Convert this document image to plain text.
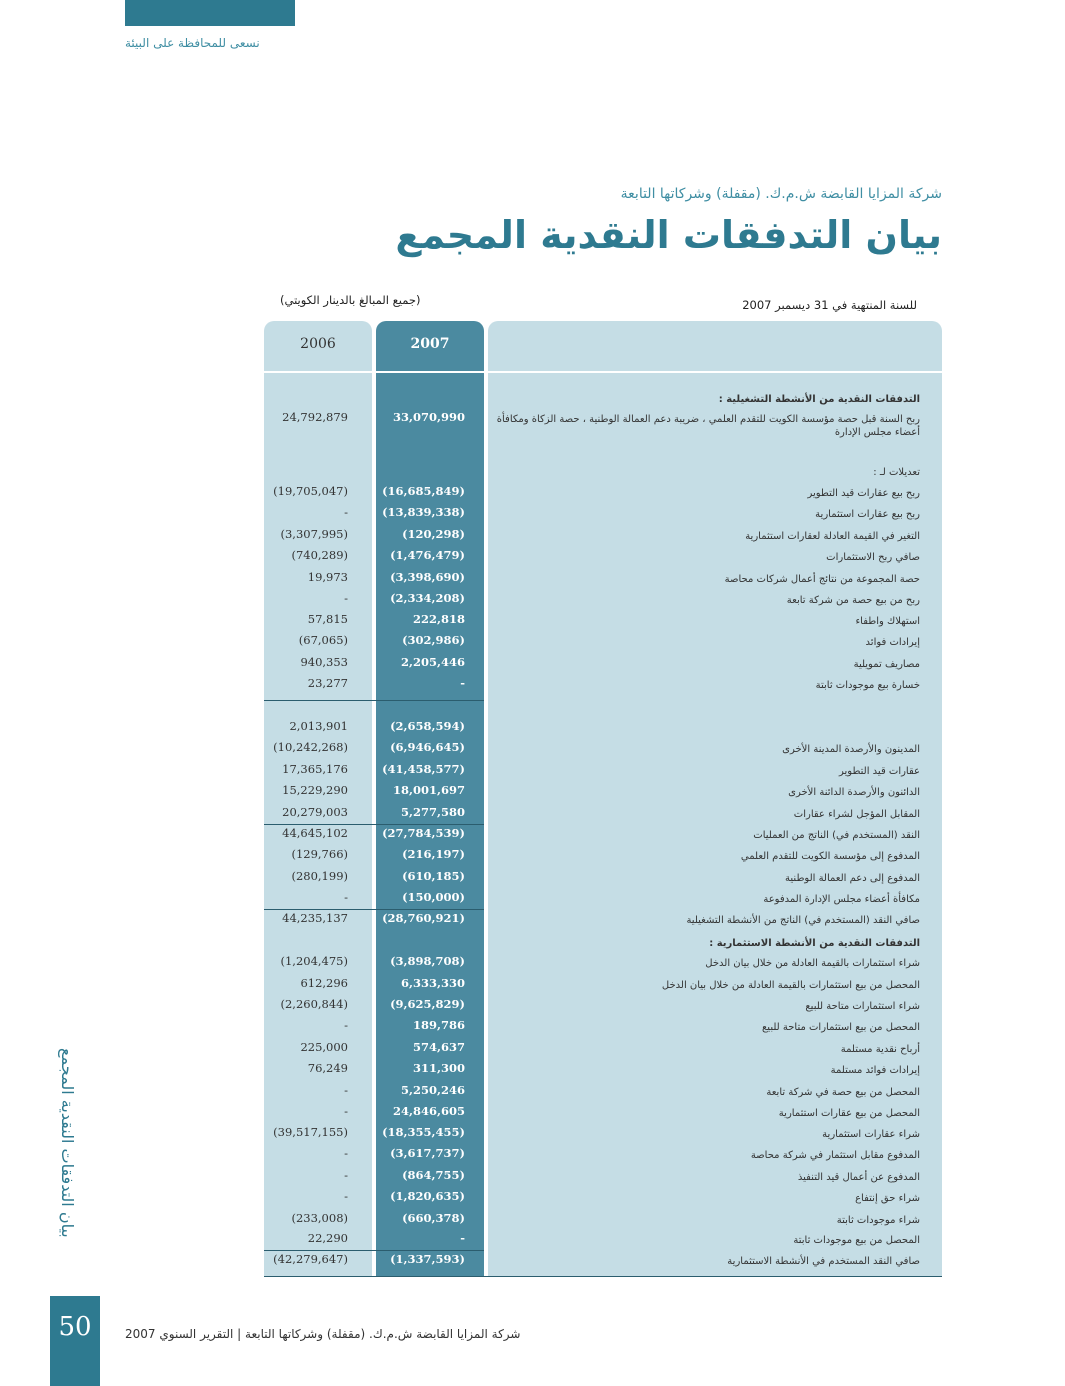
نسعى للمحافظة على البيئة
شركة المزايا القابضة ش.م.ك. (مقفلة) وشركاتها التابعة
بيان التدفقات النقدية المجمع
(جميع المبالغ بالدينار الكويتي)	للسنة المنتهية في 31 ديسمبر 2007
2007
2006
التدفقات النقدية من الأنشطة التشغيلية :
ربح السنة قبل حصة مؤسسة الكويت للتقدم العلمي ، ضريبة دعم العمالة الوطنية ، حصة الزكاة ومكافأة أعضاء مجلس الإدارة
33,070,990
24,792,879
تعديلات لـ :
ربح بيع عقارات قيد التطوير
(16,685,849)
(19,705,047)
ربح بيع عقارات استثمارية
(13,839,338)
-
التغير في القيمة العادلة لعقارات استثمارية
(120,298)
(3,307,995)
صافي ربح الاستثمارات
(1,476,479)
(740,289)
حصة المجموعة من نتائج أعمال شركات محاصة
(3,398,690)
19,973
ربح من بيع حصة من شركة تابعة
(2,334,208)
-
استهلاك واطفاء
222,818
57,815
إيرادات فوائد
(302,986)
(67,065)
مصاريف تمويلية
2,205,446
940,353
خسارة بيع موجودات ثابتة
-
23,277
(2,658,594)
2,013,901
المدينون والأرصدة المدينة الأخرى
(6,946,645)
(10,242,268)
عقارات قيد التطوير
(41,458,577)
17,365,176
الدائنون والأرصدة الدائنة الأخرى
18,001,697
15,229,290
المقابل المؤجل لشراء عقارات
5,277,580
20,279,003
النقد (المستخدم في) الناتج من العمليات
(27,784,539)
44,645,102
المدفوع إلى مؤسسة الكويت للتقدم العلمي
(216,197)
(129,766)
المدفوع إلى دعم العمالة الوطنية
(610,185)
(280,199)
مكافأة أعضاء مجلس الإدارة المدفوعة
(150,000)
-
صافي النقد (المستخدم في) الناتج من الأنشطة التشغيلية
(28,760,921)
44,235,137
التدفقات النقدية من الأنشطة الاستثمارية :
شراء استثمارات بالقيمة العادلة من خلال بيان الدخل
(3,898,708)
(1,204,475)
المحصل من بيع استثمارات بالقيمة العادلة من خلال بيان الدخل
6,333,330
612,296
شراء استثمارات متاحة للبيع
(9,625,829)
(2,260,844)
المحصل من بيع استثمارات متاحة للبيع
189,786
-
أرباح نقدية مستلمة
574,637
225,000
إيرادات فوائد مستلمة
311,300
76,249
المحصل من بيع حصة في شركة تابعة
5,250,246
-
المحصل من بيع عقارات استثمارية
24,846,605
-
شراء عقارات استثمارية
(18,355,455)
(39,517,155)
المدفوع مقابل استثمار في شركة محاصة
(3,617,737)
-
المدفوع عن أعمال قيد التنفيذ
(864,755)
-
شراء حق إنتفاع
(1,820,635)
-
شراء موجودات ثابتة
(660,378)
(233,008)
المحصل من بيع موجودات ثابتة
-
22,290
صافي النقد المستخدم في الأنشطة الاستثمارية
(1,337,593)
(42,279,647)
بيان التدفقات النقدية المجمع
50	شركة المزايا القابضة ش.م.ك. (مقفلة) وشركاتها التابعة | التقرير السنوي 2007
